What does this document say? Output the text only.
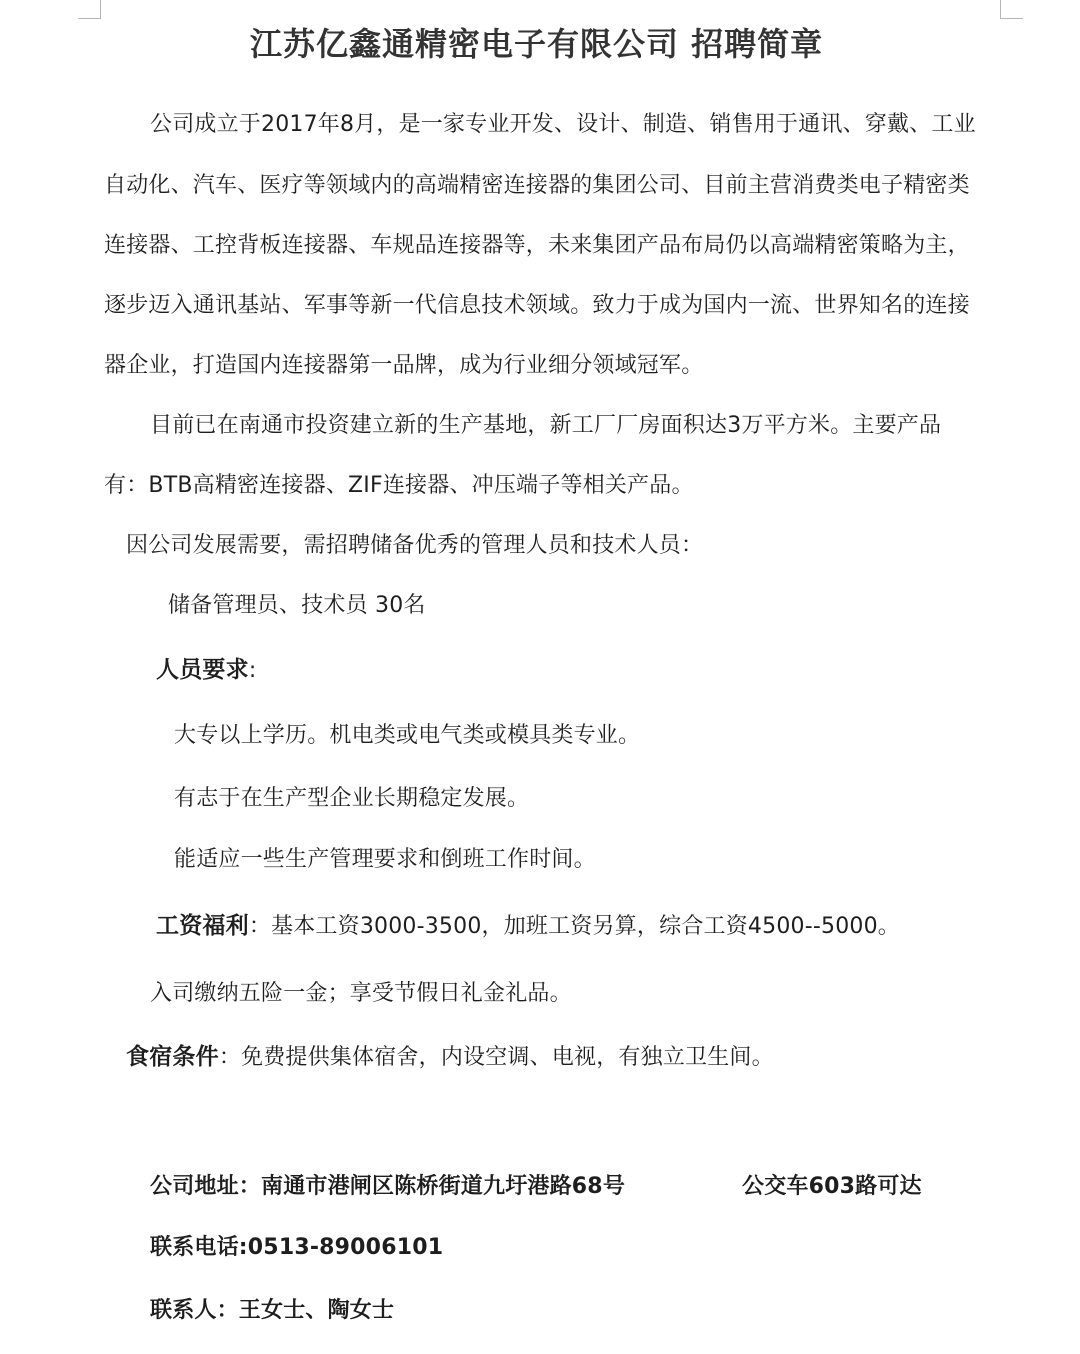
江苏亿鑫通精密电子有限公司 招聘简章
公司成立于2017年8月，是一家专业开发、设计、制造、销售用于通讯、穿戴、工业
自动化、汽车、医疗等领域内的高端精密连接器的集团公司、目前主营消费类电子精密类
连接器、工控背板连接器、车规品连接器等，未来集团产品布局仍以高端精密策略为主，
逐步迈入通讯基站、军事等新一代信息技术领域。致力于成为国内一流、世界知名的连接
器企业，打造国内连接器第一品牌，成为行业细分领域冠军。
目前已在南通市投资建立新的生产基地，新工厂厂房面积达3万平方米。主要产品
有：BTB高精密连接器、ZIF连接器、冲压端子等相关产品。
因公司发展需要，需招聘储备优秀的管理人员和技术人员：
储备管理员、技术员 30名
人员要求:
大专以上学历。机电类或电气类或模具类专业。
有志于在生产型企业长期稳定发展。
能适应一些生产管理要求和倒班工作时间。
工资福利：基本工资3000-3500，加班工资另算，综合工资4500--5000。
入司缴纳五险一金；享受节假日礼金礼品。
食宿条件：免费提供集体宿舍，内设空调、电视，有独立卫生间。
公司地址：南通市港闸区陈桥街道九圩港路68号	公交车603路可达
联系电话:0513-89006101
联系人：王女士、陶女士
